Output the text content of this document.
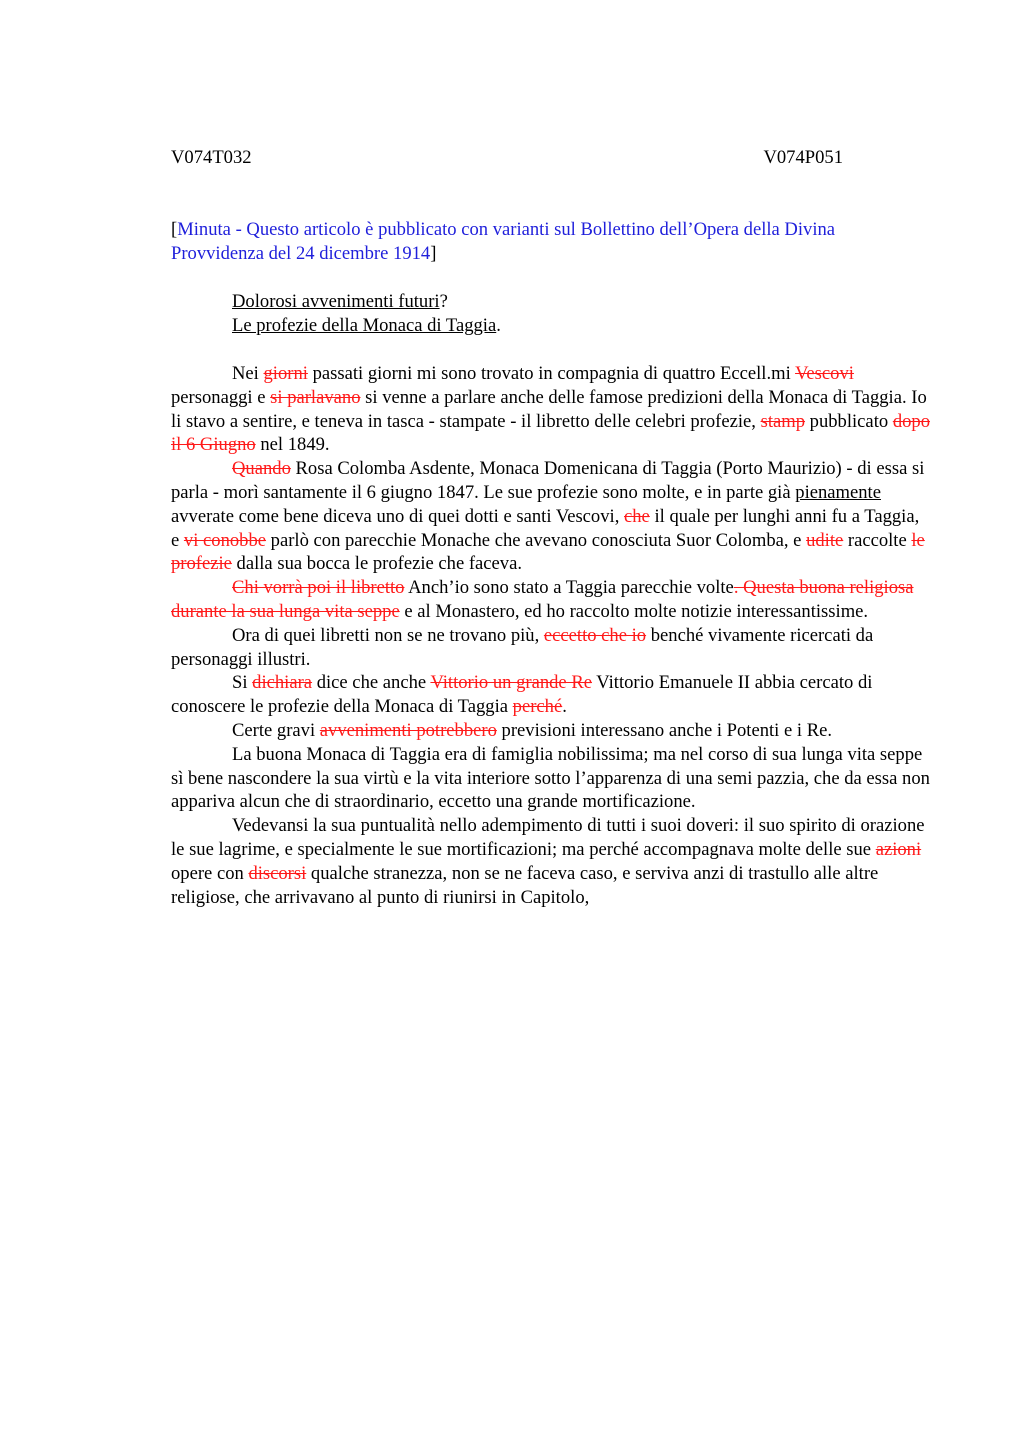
V074T032	V074P051
[Minuta - Questo articolo è pubblicato con varianti sul Bollettino dell’Opera della Divina Provvidenza del 24 dicembre 1914]
Dolorosi avvenimenti futuri?
Le profezie della Monaca di Taggia.

Nei giorni passati giorni mi sono trovato in compagnia di quattro Eccell.mi Vescovi personaggi e si parlavano si venne a parlare anche delle famose predizioni della Monaca di Taggia. Io li stavo a sentire, e teneva in tasca - stampate - il libretto delle celebri profezie, stamp pubblicato dopo il 6 Giugno nel 1849.

Quando Rosa Colomba Asdente, Monaca Domenicana di Taggia (Porto Maurizio) - di essa si parla - morì santamente il 6 giugno 1847. Le sue profezie sono molte, e in parte già pienamente avverate come bene diceva uno di quei dotti e santi Vescovi, che il quale per lunghi anni fu a Taggia, e vi conobbe parlò con parecchie Monache che avevano conosciuta Suor Colomba, e udite raccolte le profezie dalla sua bocca le profezie che faceva.

Chi vorrà poi il libretto Anch’io sono stato a Taggia parecchie volte. Questa buona religiosa durante la sua lunga vita seppe e al Monastero, ed ho raccolto molte notizie interessantissime.

Ora di quei libretti non se ne trovano più, eccetto che io benché vivamente ricercati da personaggi illustri.

Si dichiara dice che anche Vittorio un grande Re Vittorio Emanuele II abbia cercato di conoscere le profezie della Monaca di Taggia perché.

Certe gravi avvenimenti potrebbero previsioni interessano anche i Potenti e i Re.

La buona Monaca di Taggia era di famiglia nobilissima; ma nel corso di sua lunga vita seppe sì bene nascondere la sua virtù e la vita interiore sotto l’apparenza di una semi pazzia, che da essa non appariva alcun che di straordinario, eccetto una grande mortificazione.

Vedevansi la sua puntualità nello adempimento di tutti i suoi doveri: il suo spirito di orazione le sue lagrime, e specialmente le sue mortificazioni; ma perché accompagnava molte delle sue azioni opere con discorsi qualche stranezza, non se ne faceva caso, e serviva anzi di trastullo alle altre religiose, che arrivavano al punto di riunirsi in Capitolo,
